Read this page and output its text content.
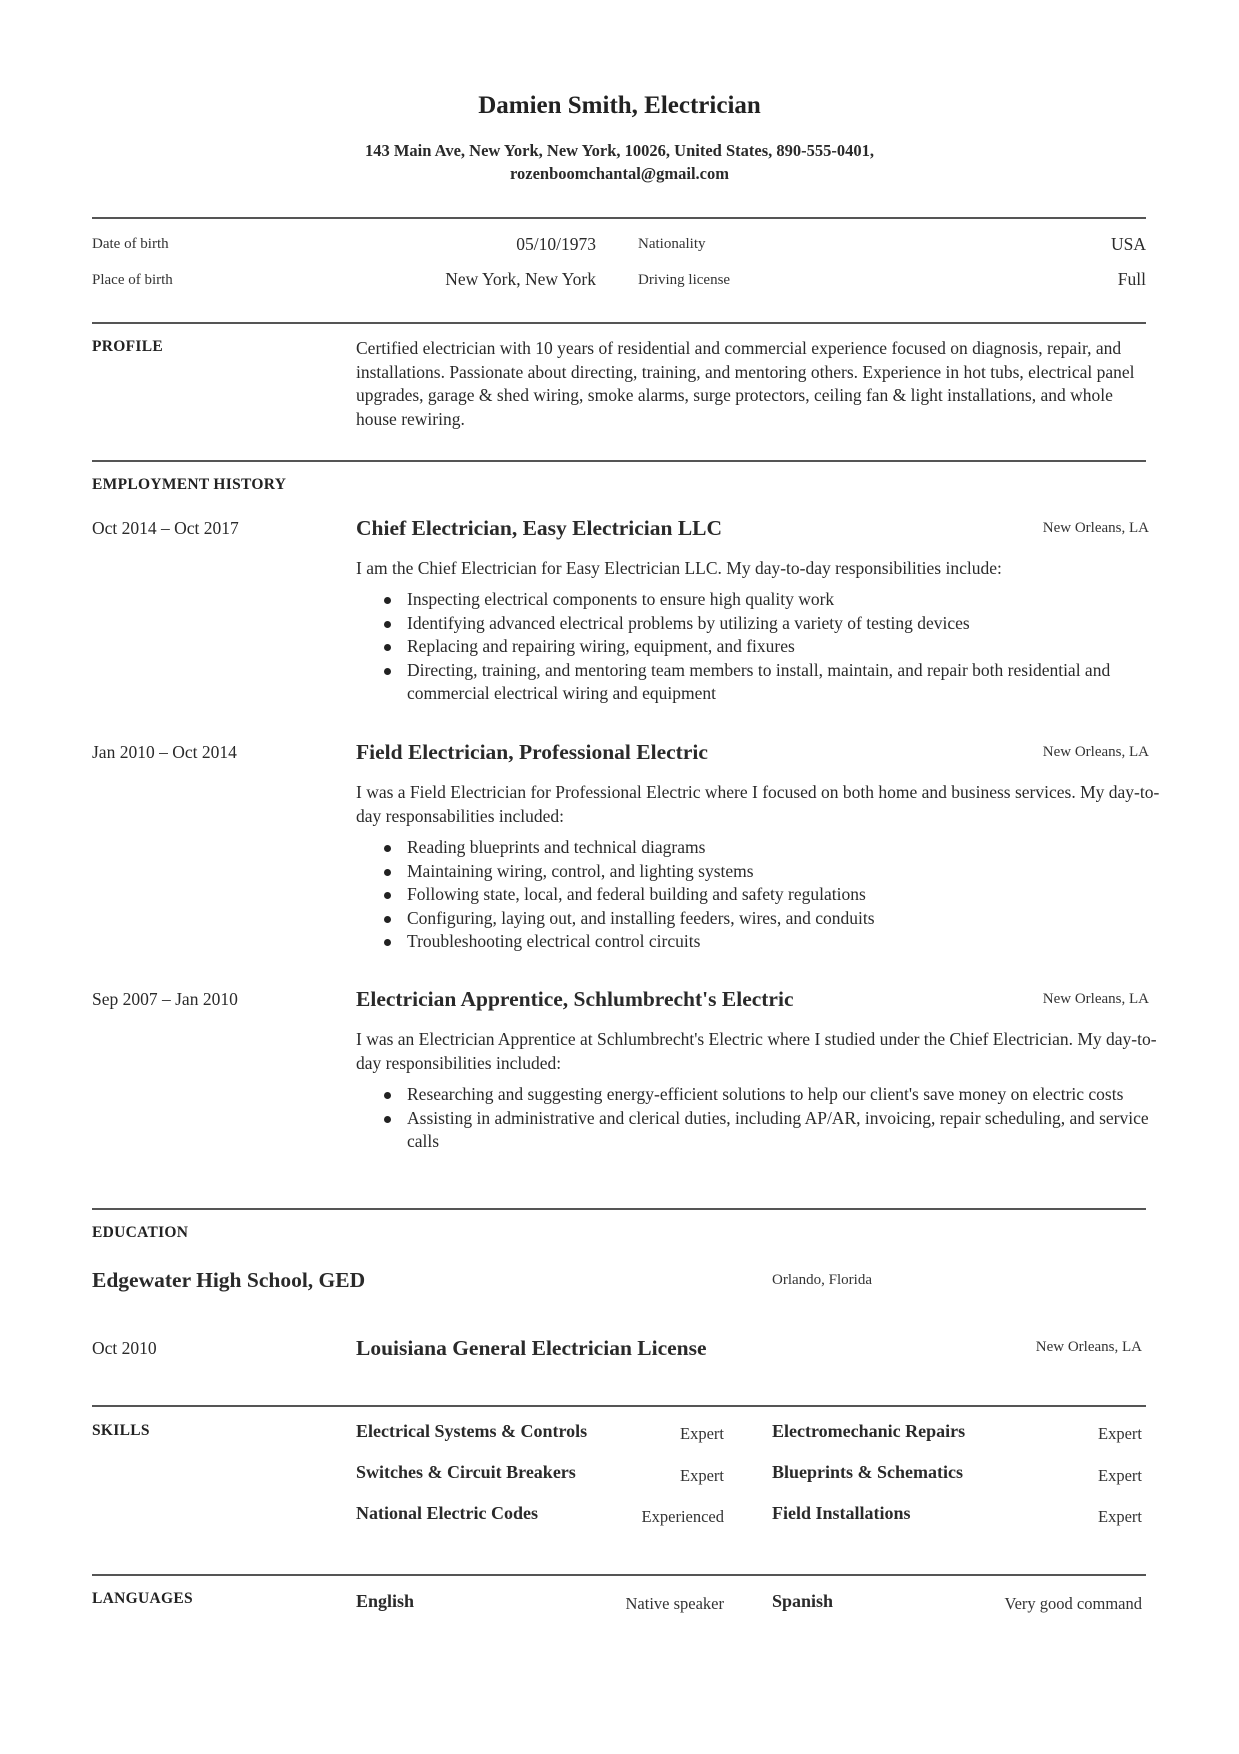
Damien Smith, Electrician
143 Main Ave, New York, New York, 10026, United States, 890-555-0401,
rozenboomchantal@gmail.com
Date of birth	05/10/1973	Nationality	USA
Place of birth	New York, New York	Driving license	Full
PROFILE	Certified electrician with 10 years of residential and commercial experience focused on diagnosis, repair, and installations. Passionate about directing, training, and mentoring others. Experience in hot tubs, electrical panel upgrades, garage & shed wiring, smoke alarms, surge protectors, ceiling fan & light installations, and whole house rewiring.
EMPLOYMENT HISTORY
Oct 2014 – Oct 2017	Chief Electrician, Easy Electrician LLC	New Orleans, LA
I am the Chief Electrician for Easy Electrician LLC. My day-to-day responsibilities include:
Inspecting electrical components to ensure high quality work
Identifying advanced electrical problems by utilizing a variety of testing devices
Replacing and repairing wiring, equipment, and fixures
Directing, training, and mentoring team members to install, maintain, and repair both residential and commercial electrical wiring and equipment
Jan 2010 – Oct 2014	Field Electrician, Professional Electric	New Orleans, LA
I was a Field Electrician for Professional Electric where I focused on both home and business services. My day-to-day responsabilities included:
Reading blueprints and technical diagrams
Maintaining wiring, control, and lighting systems
Following state, local, and federal building and safety regulations
Configuring, laying out, and installing feeders, wires, and conduits
Troubleshooting electrical control circuits
Sep 2007 – Jan 2010	Electrician Apprentice, Schlumbrecht's Electric	New Orleans, LA
I was an Electrician Apprentice at Schlumbrecht's Electric where I studied under the Chief Electrician. My day-to-day responsibilities included:
Researching and suggesting energy-efficient solutions to help our client's save money on electric costs
Assisting in administrative and clerical duties, including AP/AR, invoicing, repair scheduling, and service calls
EDUCATION
Edgewater High School, GED	Orlando, Florida
Oct 2010	Louisiana General Electrician License	New Orleans, LA
SKILLS	Electrical Systems & Controls	Expert	Electromechanic Repairs	Expert
Switches & Circuit Breakers	Expert	Blueprints & Schematics	Expert
National Electric Codes	Experienced	Field Installations	Expert
LANGUAGES	English	Native speaker	Spanish	Very good command
